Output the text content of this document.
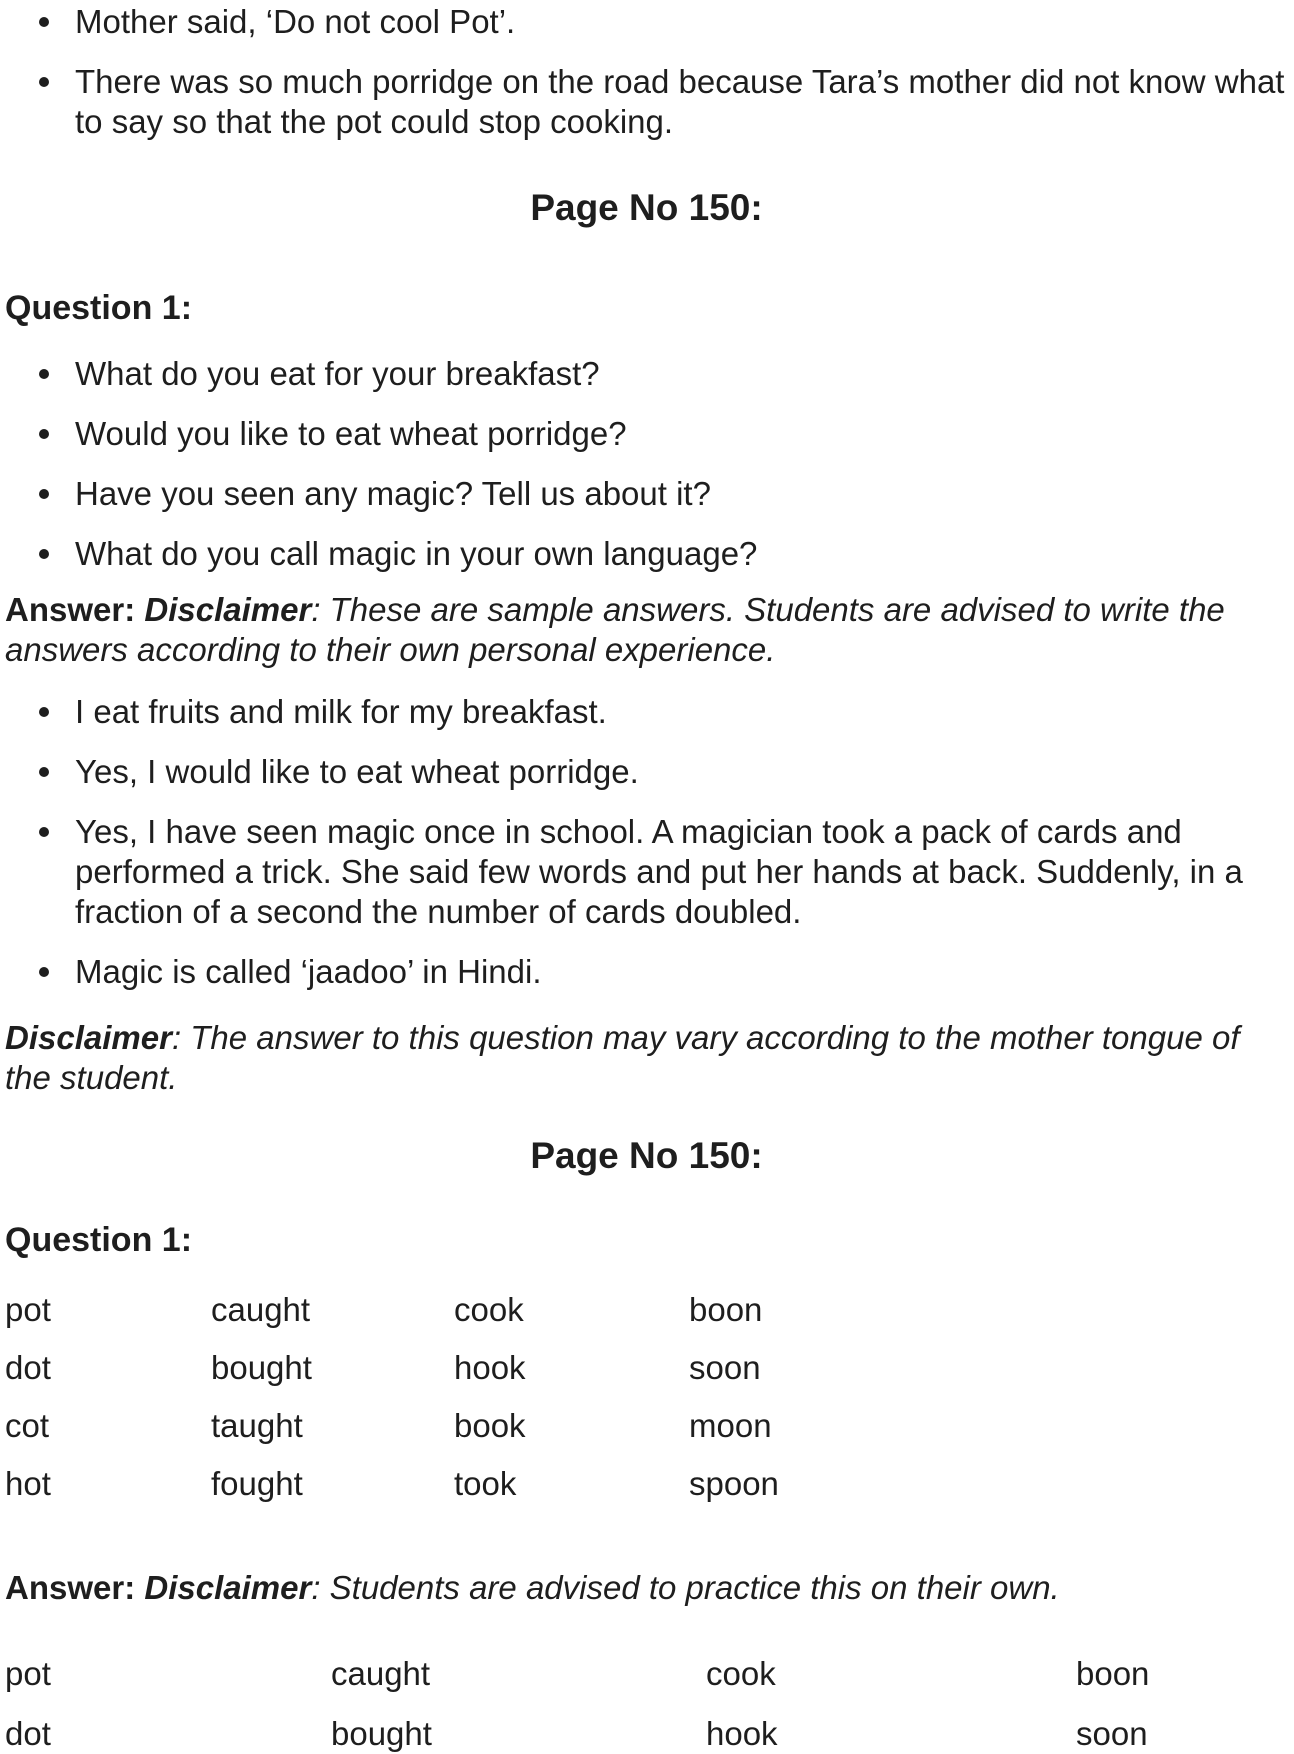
Mother said, ‘Do not cool Pot’.
There was so much porridge on the road because Tara’s mother did not know what to say so that the pot could stop cooking.

Page No 150:

Question 1:

What do you eat for your breakfast?
Would you like to eat wheat porridge?
Have you seen any magic? Tell us about it?
What do you call magic in your own language?

Answer: Disclaimer: These are sample answers. Students are advised to write the answers according to their own personal experience.

I eat fruits and milk for my breakfast.
Yes, I would like to eat wheat porridge.
Yes, I have seen magic once in school. A magician took a pack of cards and performed a trick. She said few words and put her hands at back. Suddenly, in a fraction of a second the number of cards doubled.
Magic is called ‘jaadoo’ in Hindi.

Disclaimer: The answer to this question may vary according to the mother tongue of the student.

Page No 150:

Question 1:

pot	caught	cook	boon
dot	bought	hook	soon
cot	taught	book	moon
hot	fought	took	spoon

Answer: Disclaimer: Students are advised to practice this on their own.

pot	caught	cook	boon
dot	bought	hook	soon
